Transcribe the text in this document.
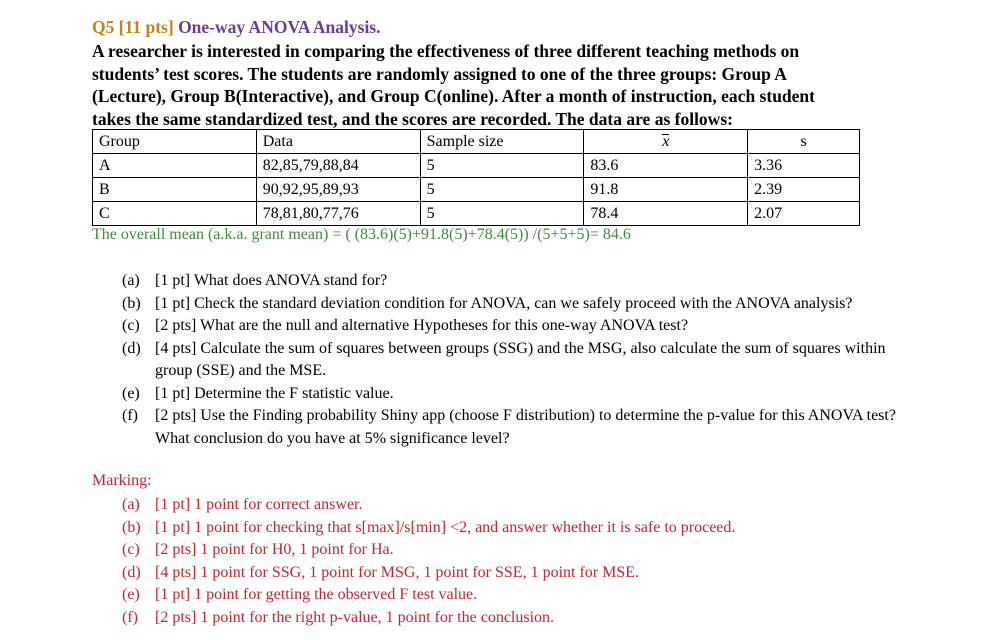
Q5 [11 pts] One-way ANOVA Analysis.

A researcher is interested in comparing the effectiveness of three different teaching methods on
students’ test scores. The students are randomly assigned to one of the three groups: Group A
(Lecture), Group B(Interactive), and Group C(online). After a month of instruction, each student
takes the same standardized test, and the scores are recorded. The data are as follows:

Group	Data	Sample size	x	s
A	82,85,79,88,84	5	83.6	3.36
B	90,92,95,89,93	5	91.8	2.39
C	78,81,80,77,76	5	78.4	2.07
The overall mean (a.k.a. grant mean) = ( (83.6)(5)+91.8(5)+78.4(5)) /(5+5+5)= 84.6
(a) [1 pt] What does ANOVA stand for?
(b) [1 pt] Check the standard deviation condition for ANOVA, can we safely proceed with the ANOVA analysis?
(c) [2 pts] What are the null and alternative Hypotheses for this one-way ANOVA test?
(d) [4 pts] Calculate the sum of squares between groups (SSG) and the MSG, also calculate the sum of squares within group (SSE) and the MSE.
(e) [1 pt] Determine the F statistic value.
(f) [2 pts] Use the Finding probability Shiny app (choose F distribution) to determine the p-value for this ANOVA test? What conclusion do you have at 5% significance level?
Marking:
(a) [1 pt] 1 point for correct answer.
(b) [1 pt] 1 point for checking that s[max]/s[min] <2, and answer whether it is safe to proceed.
(c) [2 pts] 1 point for H0, 1 point for Ha.
(d) [4 pts] 1 point for SSG, 1 point for MSG, 1 point for SSE, 1 point for MSE.
(e) [1 pt] 1 point for getting the observed F test value.
(f) [2 pts] 1 point for the right p-value, 1 point for the conclusion.
